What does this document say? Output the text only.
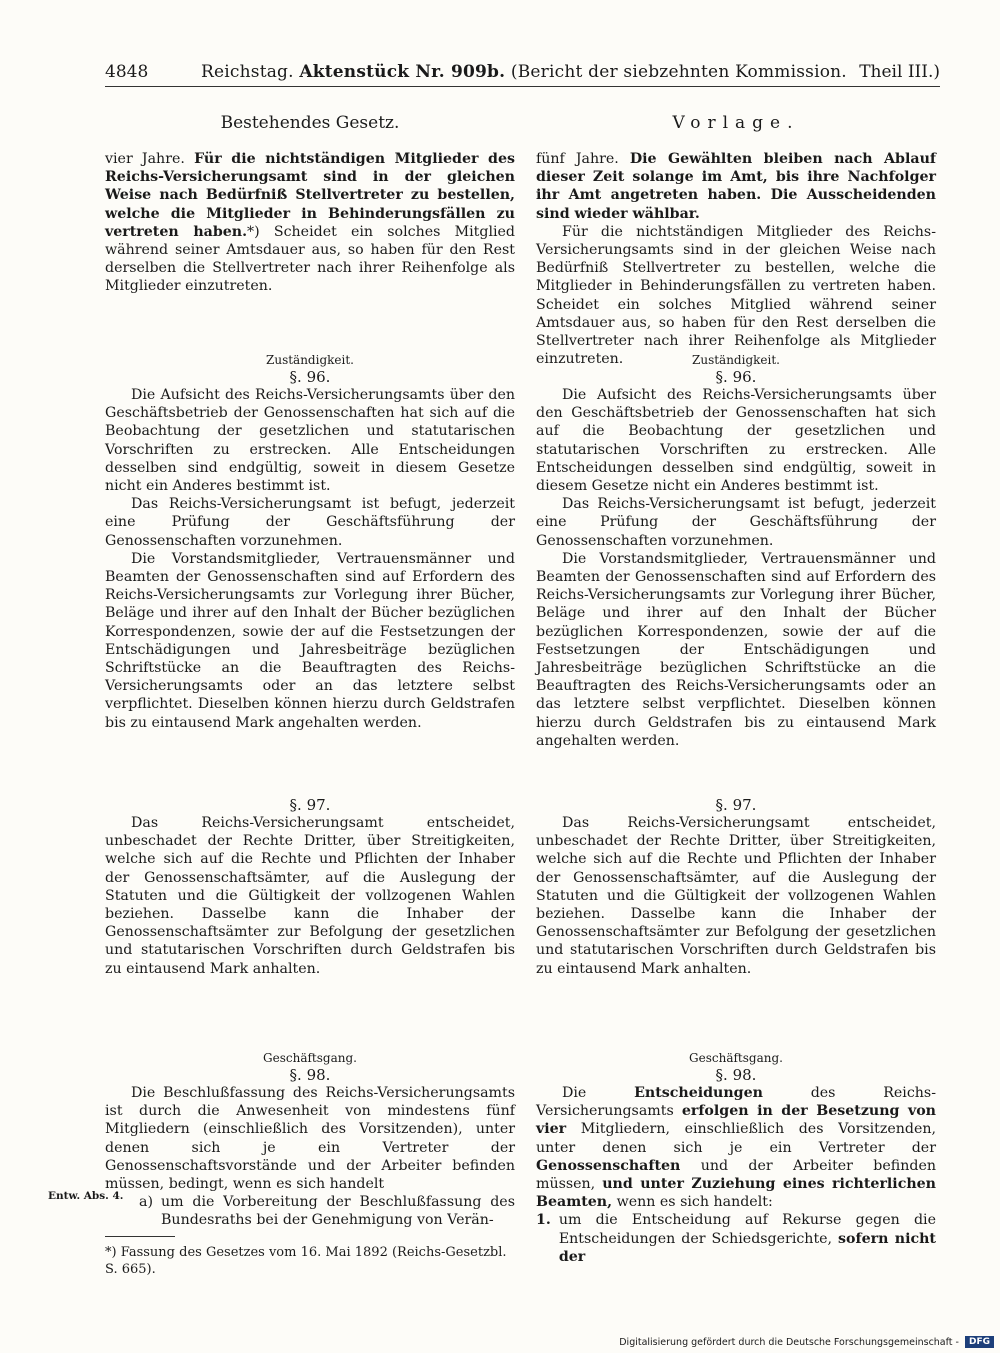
4848	Reichstag. Aktenstück Nr. 909b. (Bericht der siebzehnten Kommission. Theil III.)
Bestehendes Gesetz.	Vorlage.

vier Jahre. Für die nichtständigen Mitglieder des Reichs-Versicherungsamt sind in der gleichen Weise nach Bedürfniß Stellvertreter zu bestellen, welche die Mitglieder in Behinderungsfällen zu vertreten haben.*) Scheidet ein solches Mitglied während seiner Amtsdauer aus, so haben für den Rest derselben die Stellvertreter nach ihrer Reihenfolge als Mitglieder einzutreten.

Zuständigkeit.

§. 96.

Die Aufsicht des Reichs-Versicherungsamts über den Geschäftsbetrieb der Genossenschaften hat sich auf die Beobachtung der gesetzlichen und statutarischen Vorschriften zu erstrecken. Alle Entscheidungen desselben sind endgültig, soweit in diesem Gesetze nicht ein Anderes bestimmt ist.

Das Reichs-Versicherungsamt ist befugt, jederzeit eine Prüfung der Geschäftsführung der Genossenschaften vorzunehmen.

Die Vorstandsmitglieder, Vertrauensmänner und Beamten der Genossenschaften sind auf Erfordern des Reichs-Versicherungsamts zur Vorlegung ihrer Bücher, Beläge und ihrer auf den Inhalt der Bücher bezüglichen Korrespondenzen, sowie der auf die Festsetzungen der Entschädigungen und Jahresbeiträge bezüglichen Schriftstücke an die Beauftragten des Reichs-Versicherungsamts oder an das letztere selbst verpflichtet. Dieselben können hierzu durch Geldstrafen bis zu eintausend Mark angehalten werden.

§. 97.

Das Reichs-Versicherungsamt entscheidet, unbeschadet der Rechte Dritter, über Streitigkeiten, welche sich auf die Rechte und Pflichten der Inhaber der Genossenschaftsämter, auf die Auslegung der Statuten und die Gültigkeit der vollzogenen Wahlen beziehen. Dasselbe kann die Inhaber der Genossenschaftsämter zur Befolgung der gesetzlichen und statutarischen Vorschriften durch Geldstrafen bis zu eintausend Mark anhalten.

Geschäftsgang.

§. 98.

Die Beschlußfassung des Reichs-Versicherungsamts ist durch die Anwesenheit von mindestens fünf Mitgliedern (einschließlich des Vorsitzenden), unter denen sich je ein Vertreter der Genossenschaftsvorstände und der Arbeiter befinden müssen, bedingt, wenn es sich handelt

a) um die Vorbereitung der Beschlußfassung des Bundesraths bei der Genehmigung von Verän-
Entw. Abs. 4.
*) Fassung des Gesetzes vom 16. Mai 1892 (Reichs-Gesetzbl. S. 665).

fünf Jahre. Die Gewählten bleiben nach Ablauf dieser Zeit solange im Amt, bis ihre Nachfolger ihr Amt angetreten haben. Die Ausscheidenden sind wieder wählbar.

Für die nichtständigen Mitglieder des Reichs-Versicherungsamts sind in der gleichen Weise nach Bedürfniß Stellvertreter zu bestellen, welche die Mitglieder in Behinderungsfällen zu vertreten haben. Scheidet ein solches Mitglied während seiner Amtsdauer aus, so haben für den Rest derselben die Stellvertreter nach ihrer Reihenfolge als Mitglieder einzutreten.	Zuständigkeit.

§. 96.

Die Aufsicht des Reichs-Versicherungsamts über den Geschäftsbetrieb der Genossenschaften hat sich auf die Beobachtung der gesetzlichen und statutarischen Vorschriften zu erstrecken. Alle Entscheidungen desselben sind endgültig, soweit in diesem Gesetze nicht ein Anderes bestimmt ist.

Das Reichs-Versicherungsamt ist befugt, jederzeit eine Prüfung der Geschäftsführung der Genossenschaften vorzunehmen.

Die Vorstandsmitglieder, Vertrauensmänner und Beamten der Genossenschaften sind auf Erfordern des Reichs-Versicherungsamts zur Vorlegung ihrer Bücher, Beläge und ihrer auf den Inhalt der Bücher bezüglichen Korrespondenzen, sowie der auf die Festsetzungen der Entschädigungen und Jahresbeiträge bezüglichen Schriftstücke an die Beauftragten des Reichs-Versicherungsamts oder an das letztere selbst verpflichtet. Dieselben können hierzu durch Geldstrafen bis zu eintausend Mark angehalten werden.

§. 97.

Das Reichs-Versicherungsamt entscheidet, unbeschadet der Rechte Dritter, über Streitigkeiten, welche sich auf die Rechte und Pflichten der Inhaber der Genossenschaftsämter, auf die Auslegung der Statuten und die Gültigkeit der vollzogenen Wahlen beziehen. Dasselbe kann die Inhaber der Genossenschaftsämter zur Befolgung der gesetzlichen und statutarischen Vorschriften durch Geldstrafen bis zu eintausend Mark anhalten.

Geschäftsgang.

§. 98.

Die Entscheidungen des Reichs-Versicherungsamts erfolgen in der Besetzung von vier Mitgliedern, einschließlich des Vorsitzenden, unter denen sich je ein Vertreter der Genossenschaften und der Arbeiter befinden müssen, und unter Zuziehung eines richterlichen Beamten, wenn es sich handelt:

1. um die Entscheidung auf Rekurse gegen die Entscheidungen der Schiedsgerichte, sofern nicht der
Digitalisierung gefördert durch die Deutsche Forschungsgemeinschaft -	DFG
